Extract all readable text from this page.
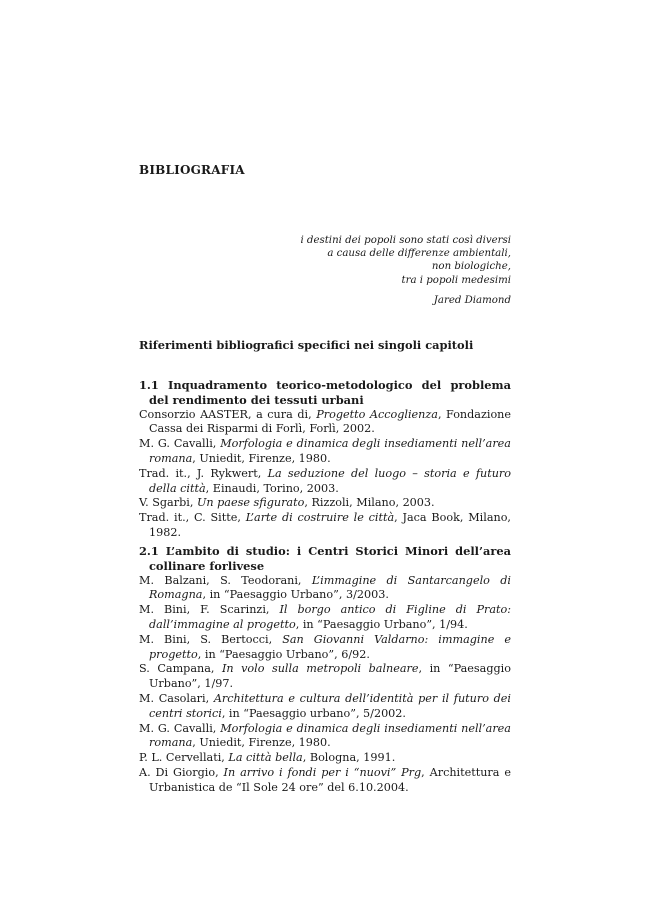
BIBLIOGRAFIA
i destini dei popoli sono stati così diversi
a causa delle differenze ambientali,
non biologiche,
tra i popoli medesimi
Jared Diamond
Riferimenti bibliografici specifici nei singoli capitoli
1.1 Inquadramento teorico-metodologico del problema del rendimento dei tessuti urbani
Consorzio AASTER, a cura di, Progetto Accoglienza, Fondazione Cassa dei Risparmi di Forlì, Forlì, 2002.
M. G. Cavalli, Morfologia e dinamica degli insediamenti nell’area romana, Uniedit, Firenze, 1980.
Trad. it., J. Rykwert, La seduzione del luogo – storia e futuro della città, Einaudi, Torino, 2003.
V. Sgarbi, Un paese sfigurato, Rizzoli, Milano, 2003.
Trad. it., C. Sitte, L’arte di costruire le città, Jaca Book, Milano, 1982.
2.1 L’ambito di studio: i Centri Storici Minori dell’area collinare forlivese
M. Balzani, S. Teodorani, L’immagine di Santarcangelo di Romagna, in “Paesaggio Urbano”, 3/2003.
M. Bini, F. Scarinzi, Il borgo antico di Figline di Prato: dall’immagine al progetto, in “Paesaggio Urbano”, 1/94.
M. Bini, S. Bertocci, San Giovanni Valdarno: immagine e progetto, in “Paesaggio Urbano”, 6/92.
S. Campana, In volo sulla metropoli balneare, in “Paesaggio Urbano”, 1/97.
M. Casolari, Architettura e cultura dell’identità per il futuro dei centri storici, in “Paesaggio urbano”, 5/2002.
M. G. Cavalli, Morfologia e dinamica degli insediamenti nell’area romana, Uniedit, Firenze, 1980.
P. L. Cervellati, La città bella, Bologna, 1991.
A. Di Giorgio, In arrivo i fondi per i “nuovi” Prg, Architettura e Urbanistica de “Il Sole 24 ore” del 6.10.2004.
